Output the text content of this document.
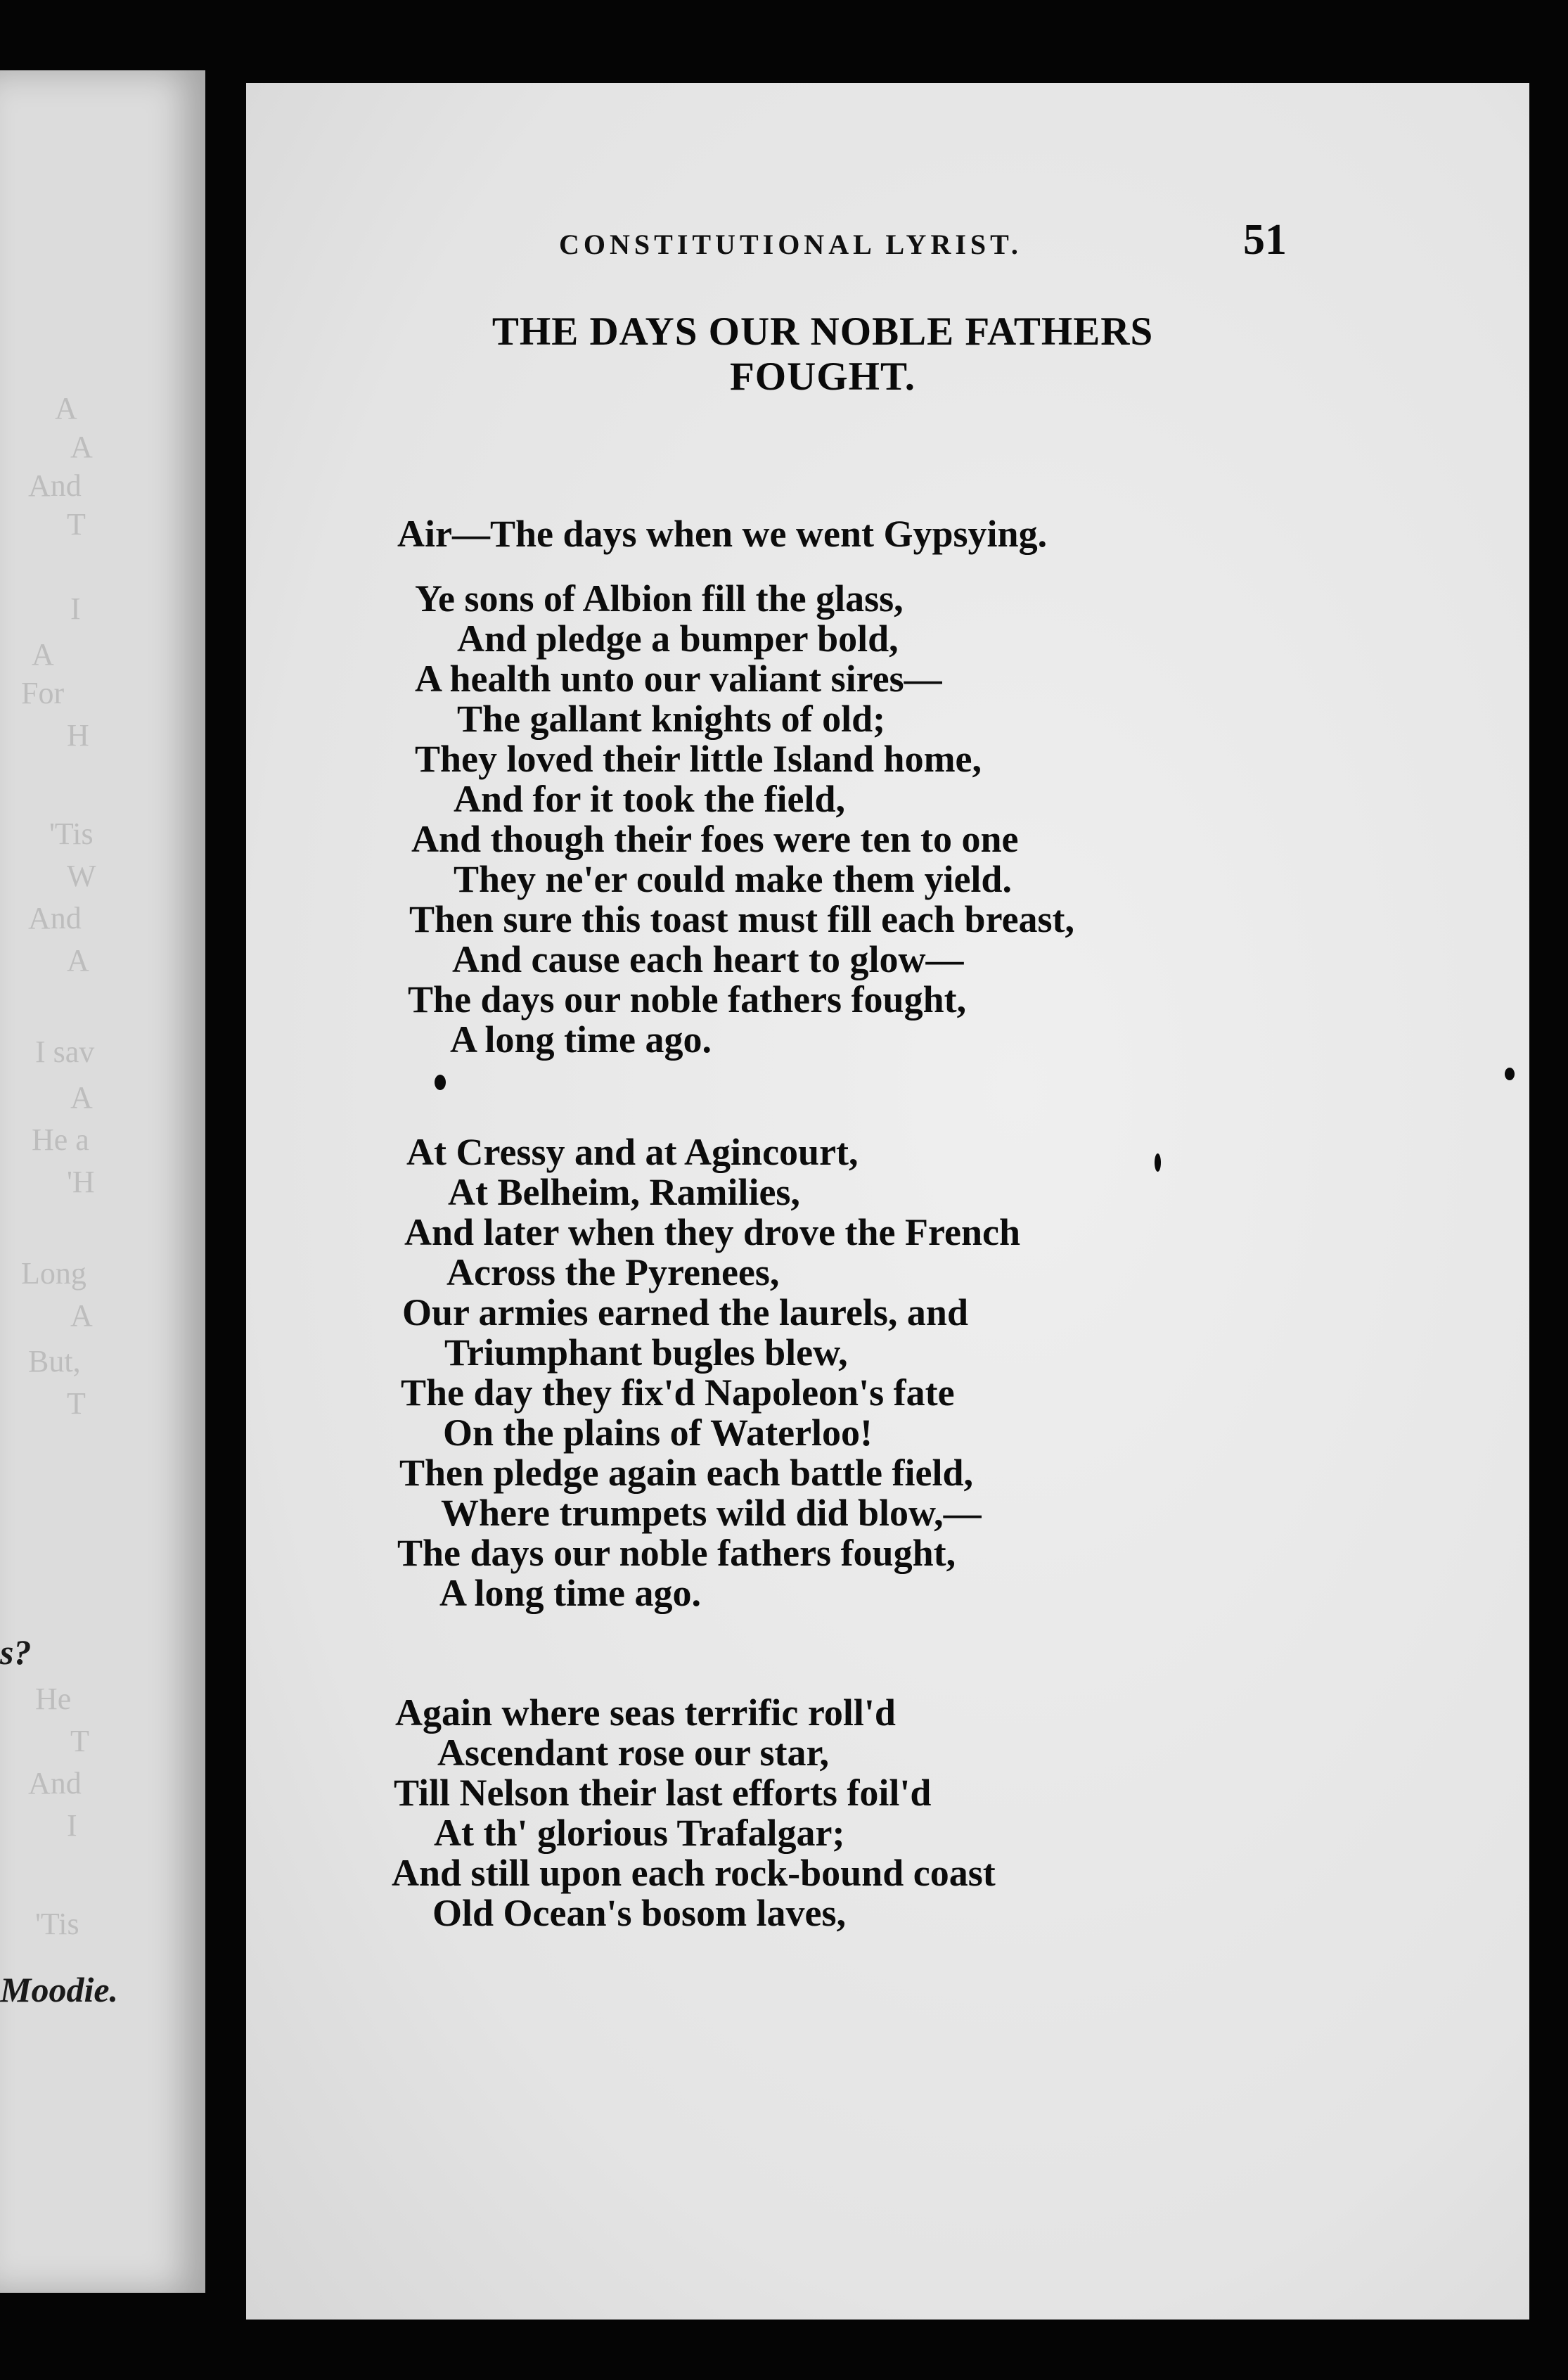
A
A
And
T
I
A
For
H
'Tis
W
And
A
I sav
A
He a
'H
Long
A
But,
T
s?
He
T
And
I
'Tis
Moodie.
CONSTITUTIONAL LYRIST.	51
THE DAYS OUR NOBLE FATHERS
FOUGHT.
Air—The days when we went Gypsying.
Ye sons of Albion fill the glass,
And pledge a bumper bold,
A health unto our valiant sires—
The gallant knights of old;
They loved their little Island home,
And for it took the field,
And though their foes were ten to one
They ne'er could make them yield.
Then sure this toast must fill each breast,
And cause each heart to glow—
The days our noble fathers fought,
A long time ago.
At Cressy and at Agincourt,
At Belheim, Ramilies,
And later when they drove the French
Across the Pyrenees,
Our armies earned the laurels, and
Triumphant bugles blew,
The day they fix'd Napoleon's fate
On the plains of Waterloo!
Then pledge again each battle field,
Where trumpets wild did blow,—
The days our noble fathers fought,
A long time ago.
Again where seas terrific roll'd
Ascendant rose our star,
Till Nelson their last efforts foil'd
At th' glorious Trafalgar;
And still upon each rock-bound coast
Old Ocean's bosom laves,
